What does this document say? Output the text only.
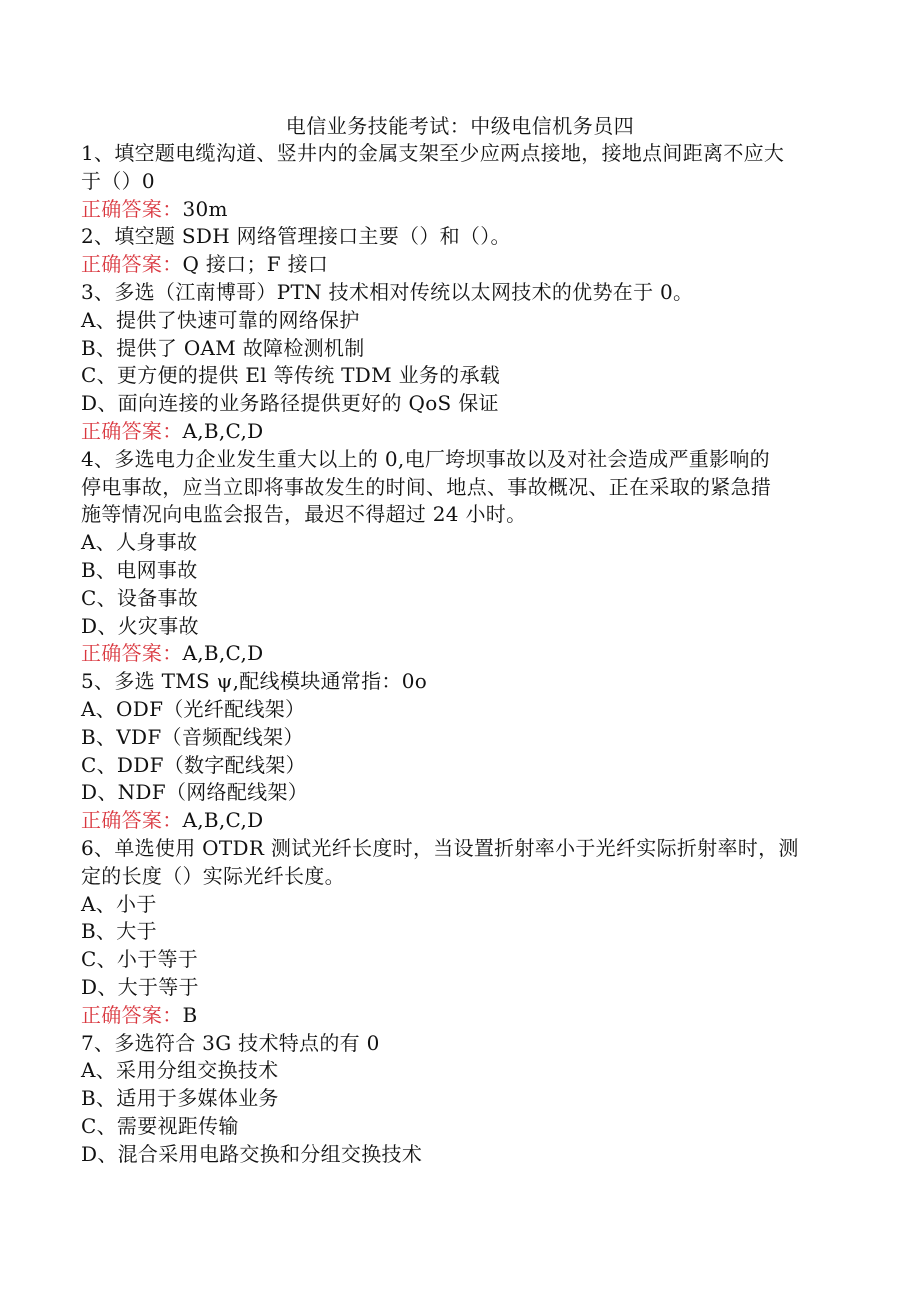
电信业务技能考试：中级电信机务员四
1、填空题电缆沟道、竖井内的金属支架至少应两点接地，接地点间距离不应大
于（）0
正确答案：30m
2、填空题 SDH 网络管理接口主要（）和（）。
正确答案：Q 接口；F 接口
3、多选（江南博哥）PTN 技术相对传统以太网技术的优势在于 0。
A、提供了快速可靠的网络保护
B、提供了 OAM 故障检测机制
C、更方便的提供 El 等传统 TDM 业务的承载
D、面向连接的业务路径提供更好的 QoS 保证
正确答案：A,B,C,D
4、多选电力企业发生重大以上的 0,电厂垮坝事故以及对社会造成严重影响的
停电事故，应当立即将事故发生的时间、地点、事故概况、正在采取的紧急措
施等情况向电监会报告，最迟不得超过 24 小时。
A、人身事故
B、电网事故
C、设备事故
D、火灾事故
正确答案：A,B,C,D
5、多选 TMS ψ,配线模块通常指：0o
A、ODF（光纤配线架）
B、VDF（音频配线架）
C、DDF（数字配线架）
D、NDF（网络配线架）
正确答案：A,B,C,D
6、单选使用 OTDR 测试光纤长度时，当设置折射率小于光纤实际折射率时，测
定的长度（）实际光纤长度。
A、小于
B、大于
C、小于等于
D、大于等于
正确答案：B
7、多选符合 3G 技术特点的有 0
A、采用分组交换技术
B、适用于多媒体业务
C、需要视距传输
D、混合采用电路交换和分组交换技术
